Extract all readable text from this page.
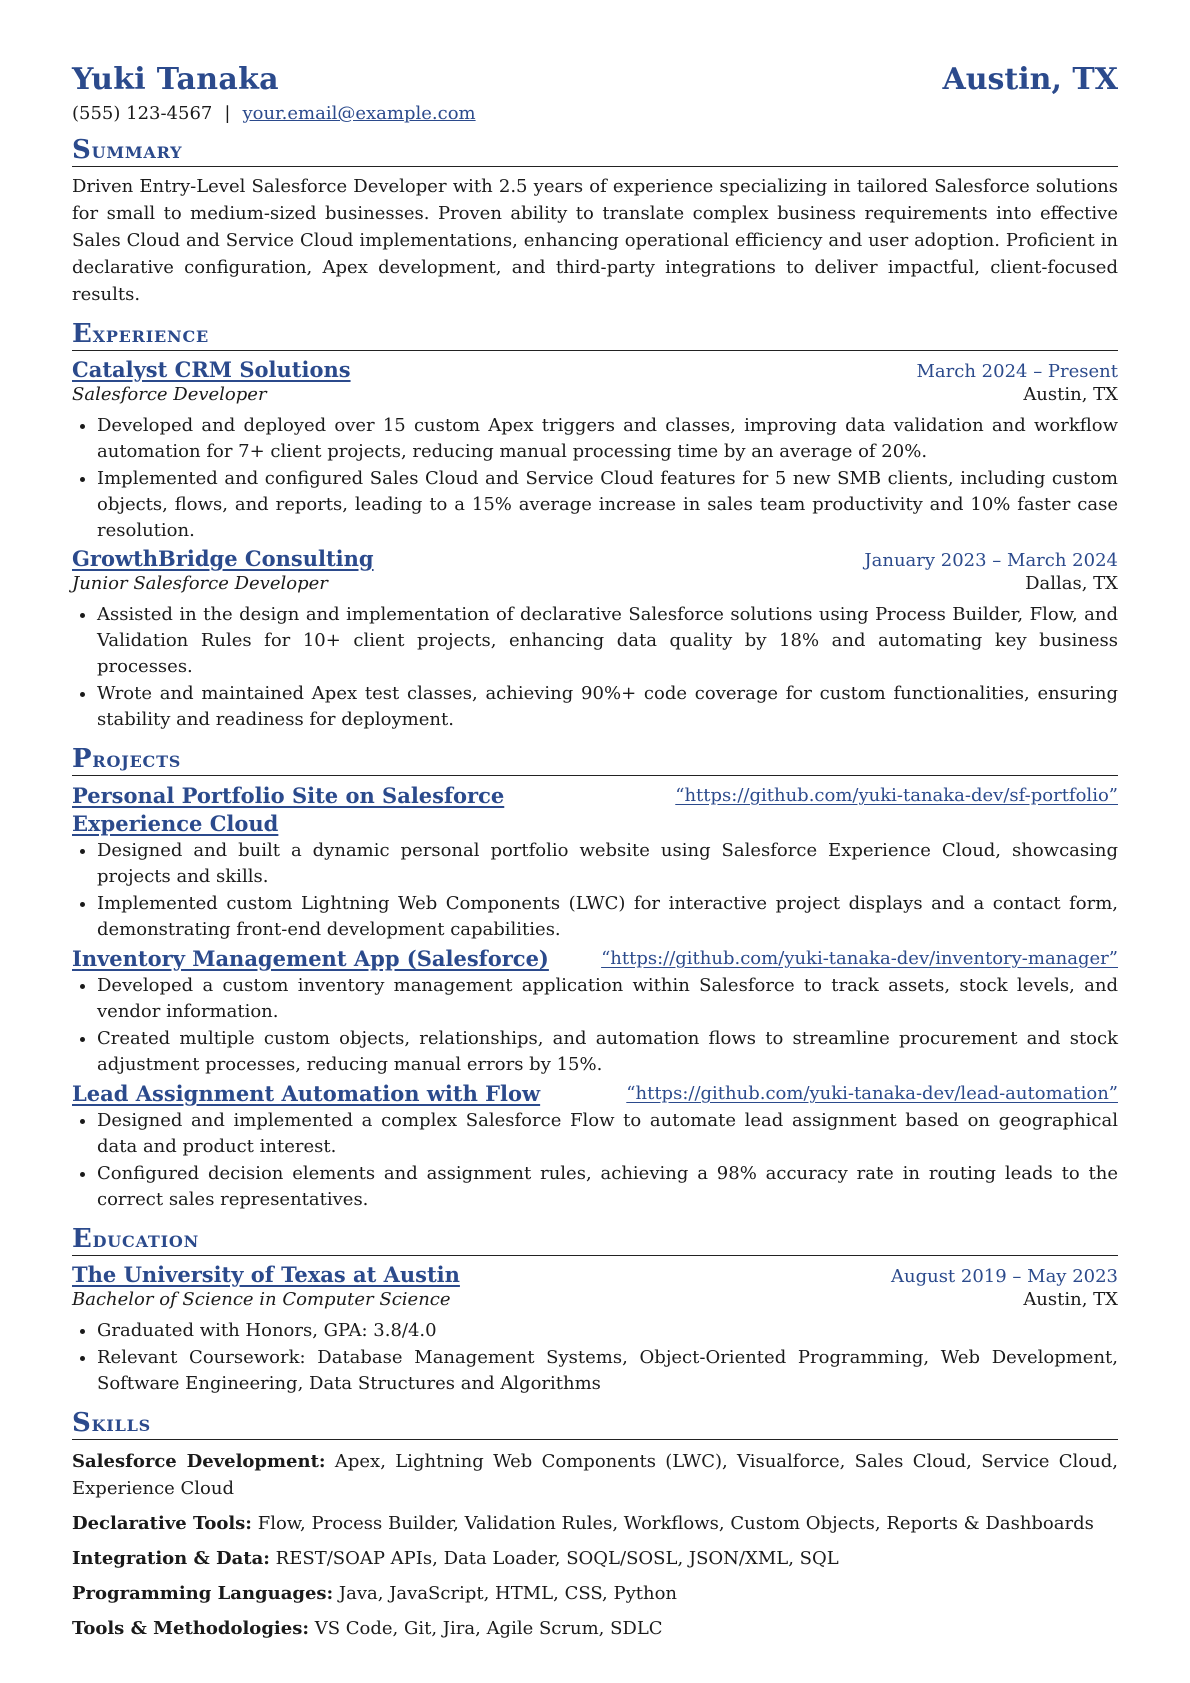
Yuki Tanaka	Austin, TX
(555) 123-4567 | your.email@example.com
Summary

Driven Entry-Level Salesforce Developer with 2.5 years of experience specializing in tailored Salesforce solutions for small to medium-sized businesses. Proven ability to translate complex business requirements into effective Sales Cloud and Service Cloud implementations, enhancing operational efficiency and user adoption. Proficient in declarative configuration, Apex development, and third-party integrations to deliver impactful, client-focused results.

Experience
Catalyst CRM Solutions	March 2024 – Present
Salesforce Developer	Austin, TX
• Developed and deployed over 15 custom Apex triggers and classes, improving data validation and workflow automation for 7+ client projects, reducing manual processing time by an average of 20%.
• Implemented and configured Sales Cloud and Service Cloud features for 5 new SMB clients, including custom objects, flows, and reports, leading to a 15% average increase in sales team productivity and 10% faster case resolution.
GrowthBridge Consulting	January 2023 – March 2024
Junior Salesforce Developer	Dallas, TX
• Assisted in the design and implementation of declarative Salesforce solutions using Process Builder, Flow, and Validation Rules for 10+ client projects, enhancing data quality by 18% and automating key business processes.
• Wrote and maintained Apex test classes, achieving 90%+ code coverage for custom functionalities, ensuring stability and readiness for deployment.
Projects
Personal Portfolio Site on Salesforce Experience Cloud
“https://github.com/yuki-tanaka-dev/sf-portfolio”
• Designed and built a dynamic personal portfolio website using Salesforce Experience Cloud, showcasing projects and skills.
• Implemented custom Lightning Web Components (LWC) for interactive project displays and a contact form, demonstrating front-end development capabilities.
Inventory Management App (Salesforce)	“https://github.com/yuki-tanaka-dev/inventory-manager”
• Developed a custom inventory management application within Salesforce to track assets, stock levels, and vendor information.
• Created multiple custom objects, relationships, and automation flows to streamline procurement and stock adjustment processes, reducing manual errors by 15%.
Lead Assignment Automation with Flow	“https://github.com/yuki-tanaka-dev/lead-automation”
• Designed and implemented a complex Salesforce Flow to automate lead assignment based on geographical data and product interest.
• Configured decision elements and assignment rules, achieving a 98% accuracy rate in routing leads to the correct sales representatives.
Education
The University of Texas at Austin	August 2019 – May 2023
Bachelor of Science in Computer Science	Austin, TX
• Graduated with Honors, GPA: 3.8/4.0
• Relevant Coursework: Database Management Systems, Object-Oriented Programming, Web Development, Software Engineering, Data Structures and Algorithms
Skills
Salesforce Development: Apex, Lightning Web Components (LWC), Visualforce, Sales Cloud, Service Cloud, Experience Cloud
Declarative Tools: Flow, Process Builder, Validation Rules, Workflows, Custom Objects, Reports & Dashboards
Integration & Data: REST/SOAP APIs, Data Loader, SOQL/SOSL, JSON/XML, SQL
Programming Languages: Java, JavaScript, HTML, CSS, Python
Tools & Methodologies: VS Code, Git, Jira, Agile Scrum, SDLC
